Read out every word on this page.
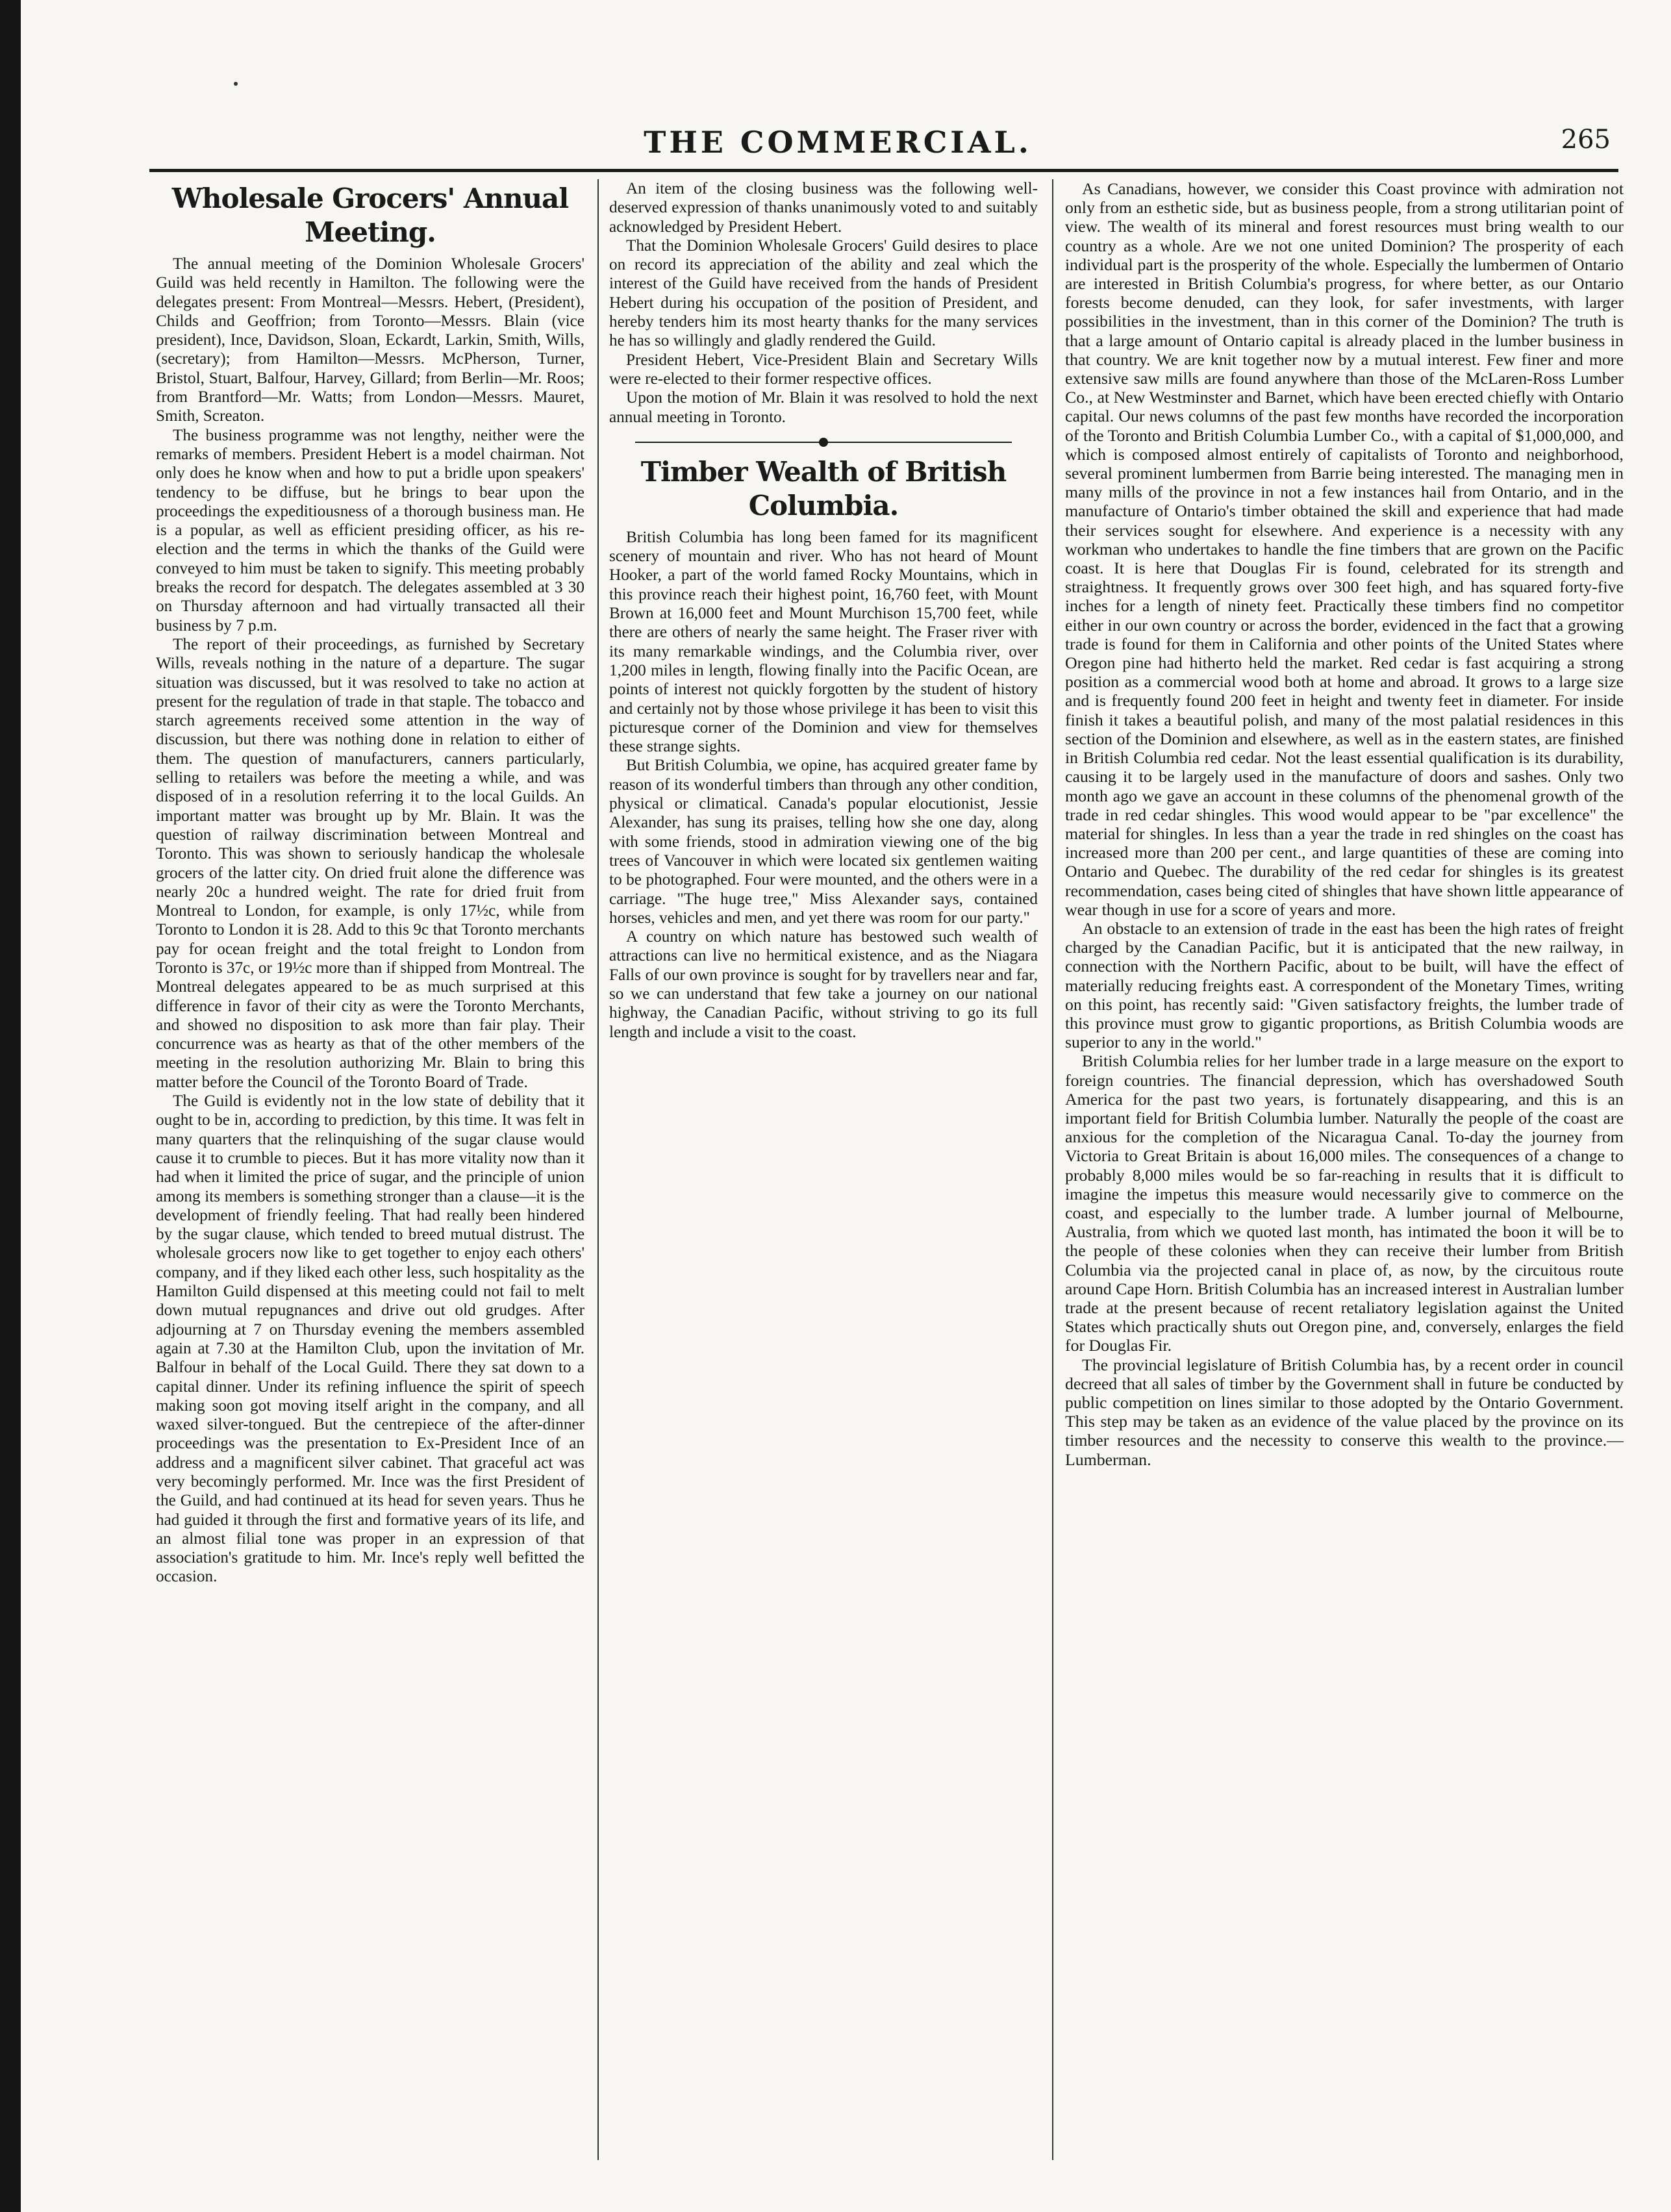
THE COMMERCIAL.	265
Wholesale Grocers' Annual Meeting.

The annual meeting of the Dominion Wholesale Grocers' Guild was held recently in Hamilton. The following were the delegates present: From Montreal—Messrs. Hebert, (President), Childs and Geoffrion; from Toronto—Messrs. Blain (vice president), Ince, Davidson, Sloan, Eckardt, Larkin, Smith, Wills, (secretary); from Hamilton—Messrs. McPherson, Turner, Bristol, Stuart, Balfour, Harvey, Gillard; from Berlin—Mr. Roos; from Brantford—Mr. Watts; from London—Messrs. Mauret, Smith, Screaton.

The business programme was not lengthy, neither were the remarks of members. President Hebert is a model chairman. Not only does he know when and how to put a bridle upon speakers' tendency to be diffuse, but he brings to bear upon the proceedings the expeditiousness of a thorough business man. He is a popular, as well as efficient presiding officer, as his re-election and the terms in which the thanks of the Guild were conveyed to him must be taken to signify. This meeting probably breaks the record for despatch. The delegates assembled at 3 30 on Thursday afternoon and had virtually transacted all their business by 7 p.m.

The report of their proceedings, as furnished by Secretary Wills, reveals nothing in the nature of a departure. The sugar situation was discussed, but it was resolved to take no action at present for the regulation of trade in that staple. The tobacco and starch agreements received some attention in the way of discussion, but there was nothing done in relation to either of them. The question of manufacturers, canners particularly, selling to retailers was before the meeting a while, and was disposed of in a resolution referring it to the local Guilds. An important matter was brought up by Mr. Blain. It was the question of railway discrimination between Montreal and Toronto. This was shown to seriously handicap the wholesale grocers of the latter city. On dried fruit alone the difference was nearly 20c a hundred weight. The rate for dried fruit from Montreal to London, for example, is only 17½c, while from Toronto to London it is 28. Add to this 9c that Toronto merchants pay for ocean freight and the total freight to London from Toronto is 37c, or 19½c more than if shipped from Montreal. The Montreal delegates appeared to be as much surprised at this difference in favor of their city as were the Toronto Merchants, and showed no disposition to ask more than fair play. Their concurrence was as hearty as that of the other members of the meeting in the resolution authorizing Mr. Blain to bring this matter before the Council of the Toronto Board of Trade.

The Guild is evidently not in the low state of debility that it ought to be in, according to prediction, by this time. It was felt in many quarters that the relinquishing of the sugar clause would cause it to crumble to pieces. But it has more vitality now than it had when it limited the price of sugar, and the principle of union among its members is something stronger than a clause—it is the development of friendly feeling. That had really been hindered by the sugar clause, which tended to breed mutual distrust. The wholesale grocers now like to get together to enjoy each others' company, and if they liked each other less, such hospitality as the Hamilton Guild dispensed at this meeting could not fail to melt down mutual repugnances and drive out old grudges. After adjourning at 7 on Thursday evening the members assembled again at 7.30 at the Hamilton Club, upon the invitation of Mr. Balfour in behalf of the Local Guild. There they sat down to a capital dinner. Under its refining influence the spirit of speech making soon got moving itself aright in the company, and all waxed silver-tongued. But the centrepiece of the after-dinner proceedings was the presentation to Ex-President Ince of an address and a magnificent silver cabinet. That graceful act was very becomingly performed. Mr. Ince was the first President of the Guild, and had continued at its head for seven years. Thus he had guided it through the first and formative years of its life, and an almost filial tone was proper in an expression of that association's gratitude to him. Mr. Ince's reply well befitted the occasion.

An item of the closing business was the following well-deserved expression of thanks unanimously voted to and suitably acknowledged by President Hebert.

That the Dominion Wholesale Grocers' Guild desires to place on record its appreciation of the ability and zeal which the interest of the Guild have received from the hands of President Hebert during his occupation of the position of President, and hereby tenders him its most hearty thanks for the many services he has so willingly and gladly rendered the Guild.

President Hebert, Vice-President Blain and Secretary Wills were re-elected to their former respective offices.

Upon the motion of Mr. Blain it was resolved to hold the next annual meeting in Toronto.

Timber Wealth of British Columbia.

British Columbia has long been famed for its magnificent scenery of mountain and river. Who has not heard of Mount Hooker, a part of the world famed Rocky Mountains, which in this province reach their highest point, 16,760 feet, with Mount Brown at 16,000 feet and Mount Murchison 15,700 feet, while there are others of nearly the same height. The Fraser river with its many remarkable windings, and the Columbia river, over 1,200 miles in length, flowing finally into the Pacific Ocean, are points of interest not quickly forgotten by the student of history and certainly not by those whose privilege it has been to visit this picturesque corner of the Dominion and view for themselves these strange sights.

But British Columbia, we opine, has acquired greater fame by reason of its wonderful timbers than through any other condition, physical or climatical. Canada's popular elocutionist, Jessie Alexander, has sung its praises, telling how she one day, along with some friends, stood in admiration viewing one of the big trees of Vancouver in which were located six gentlemen waiting to be photographed. Four were mounted, and the others were in a carriage. "The huge tree," Miss Alexander says, contained horses, vehicles and men, and yet there was room for our party."

A country on which nature has bestowed such wealth of attractions can live no hermitical existence, and as the Niagara Falls of our own province is sought for by travellers near and far, so we can understand that few take a journey on our national highway, the Canadian Pacific, without striving to go its full length and include a visit to the coast.

As Canadians, however, we consider this Coast province with admiration not only from an esthetic side, but as business people, from a strong utilitarian point of view. The wealth of its mineral and forest resources must bring wealth to our country as a whole. Are we not one united Dominion? The prosperity of each individual part is the prosperity of the whole. Especially the lumbermen of Ontario are interested in British Columbia's progress, for where better, as our Ontario forests become denuded, can they look, for safer investments, with larger possibilities in the investment, than in this corner of the Dominion? The truth is that a large amount of Ontario capital is already placed in the lumber business in that country. We are knit together now by a mutual interest. Few finer and more extensive saw mills are found anywhere than those of the McLaren-Ross Lumber Co., at New Westminster and Barnet, which have been erected chiefly with Ontario capital. Our news columns of the past few months have recorded the incorporation of the Toronto and British Columbia Lumber Co., with a capital of $1,000,000, and which is composed almost entirely of capitalists of Toronto and neighborhood, several prominent lumbermen from Barrie being interested. The managing men in many mills of the province in not a few instances hail from Ontario, and in the manufacture of Ontario's timber obtained the skill and experience that had made their services sought for elsewhere. And experience is a necessity with any workman who undertakes to handle the fine timbers that are grown on the Pacific coast. It is here that Douglas Fir is found, celebrated for its strength and straightness. It frequently grows over 300 feet high, and has squared forty-five inches for a length of ninety feet. Practically these timbers find no competitor either in our own country or across the border, evidenced in the fact that a growing trade is found for them in California and other points of the United States where Oregon pine had hitherto held the market. Red cedar is fast acquiring a strong position as a commercial wood both at home and abroad. It grows to a large size and is frequently found 200 feet in height and twenty feet in diameter. For inside finish it takes a beautiful polish, and many of the most palatial residences in this section of the Dominion and elsewhere, as well as in the eastern states, are finished in British Columbia red cedar. Not the least essential qualification is its durability, causing it to be largely used in the manufacture of doors and sashes. Only two month ago we gave an account in these columns of the phenomenal growth of the trade in red cedar shingles. This wood would appear to be "par excellence" the material for shingles. In less than a year the trade in red shingles on the coast has increased more than 200 per cent., and large quantities of these are coming into Ontario and Quebec. The durability of the red cedar for shingles is its greatest recommendation, cases being cited of shingles that have shown little appearance of wear though in use for a score of years and more.

An obstacle to an extension of trade in the east has been the high rates of freight charged by the Canadian Pacific, but it is anticipated that the new railway, in connection with the Northern Pacific, about to be built, will have the effect of materially reducing freights east. A correspondent of the Monetary Times, writing on this point, has recently said: "Given satisfactory freights, the lumber trade of this province must grow to gigantic proportions, as British Columbia woods are superior to any in the world."

British Columbia relies for her lumber trade in a large measure on the export to foreign countries. The financial depression, which has overshadowed South America for the past two years, is fortunately disappearing, and this is an important field for British Columbia lumber. Naturally the people of the coast are anxious for the completion of the Nicaragua Canal. To-day the journey from Victoria to Great Britain is about 16,000 miles. The consequences of a change to probably 8,000 miles would be so far-reaching in results that it is difficult to imagine the impetus this measure would necessarily give to commerce on the coast, and especially to the lumber trade. A lumber journal of Melbourne, Australia, from which we quoted last month, has intimated the boon it will be to the people of these colonies when they can receive their lumber from British Columbia via the projected canal in place of, as now, by the circuitous route around Cape Horn. British Columbia has an increased interest in Australian lumber trade at the present because of recent retaliatory legislation against the United States which practically shuts out Oregon pine, and, conversely, enlarges the field for Douglas Fir.

The provincial legislature of British Columbia has, by a recent order in council decreed that all sales of timber by the Government shall in future be conducted by public competition on lines similar to those adopted by the Ontario Government. This step may be taken as an evidence of the value placed by the province on its timber resources and the necessity to conserve this wealth to the province.—Lumberman.
